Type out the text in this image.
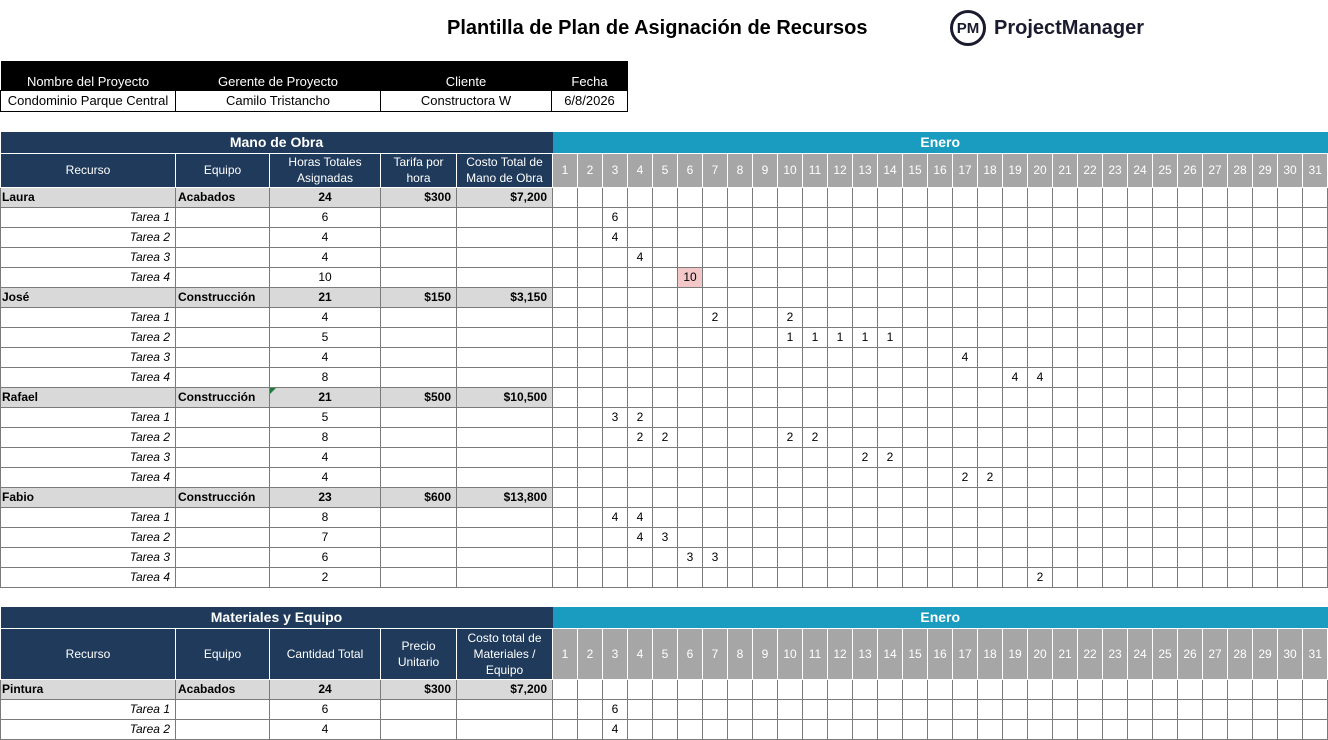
Plantilla de Plan de Asignación de Recursos	PM ProjectManager
Nombre del Proyecto	Gerente de Proyecto	Cliente	Fecha
Condominio Parque Central	Camilo Tristancho	Constructora W	6/8/2026
Mano de Obra					Enero																														
Recurso	Equipo	Horas Totales Asignadas	Tarifa por hora	Costo Total de Mano de Obra	1	2	3	4	5	6	7	8	9	10	11	12	13	14	15	16	17	18	19	20	21	22	23	24	25	26	27	28	29	30	31
Laura	Acabados	24	$300	$7,200																															
Tarea 1		6					6																												
Tarea 2		4					4																												
Tarea 3		4						4																											
Tarea 4		10								10																									
José	Construcción	21	$150	$3,150																															
Tarea 1		4									2			2																					
Tarea 2		5												1	1	1	1	1																	
Tarea 3		4																			4														
Tarea 4		8																					4	4											
Rafael	Construcción	21	$500	$10,500																															
Tarea 1		5					3	2																											
Tarea 2		8						2	2					2	2																				
Tarea 3		4															2	2																	
Tarea 4		4																			2	2													
Fabio	Construcción	23	$600	$13,800																															
Tarea 1		8					4	4																											
Tarea 2		7						4	3																										
Tarea 3		6								3	3																								
Tarea 4		2																						2											
Materiales y Equipo					Enero																														
Recurso	Equipo	Cantidad Total	Precio Unitario	Costo total de Materiales / Equipo	1	2	3	4	5	6	7	8	9	10	11	12	13	14	15	16	17	18	19	20	21	22	23	24	25	26	27	28	29	30	31
Pintura	Acabados	24	$300	$7,200																															
Tarea 1		6					6																												
Tarea 2		4					4																												
